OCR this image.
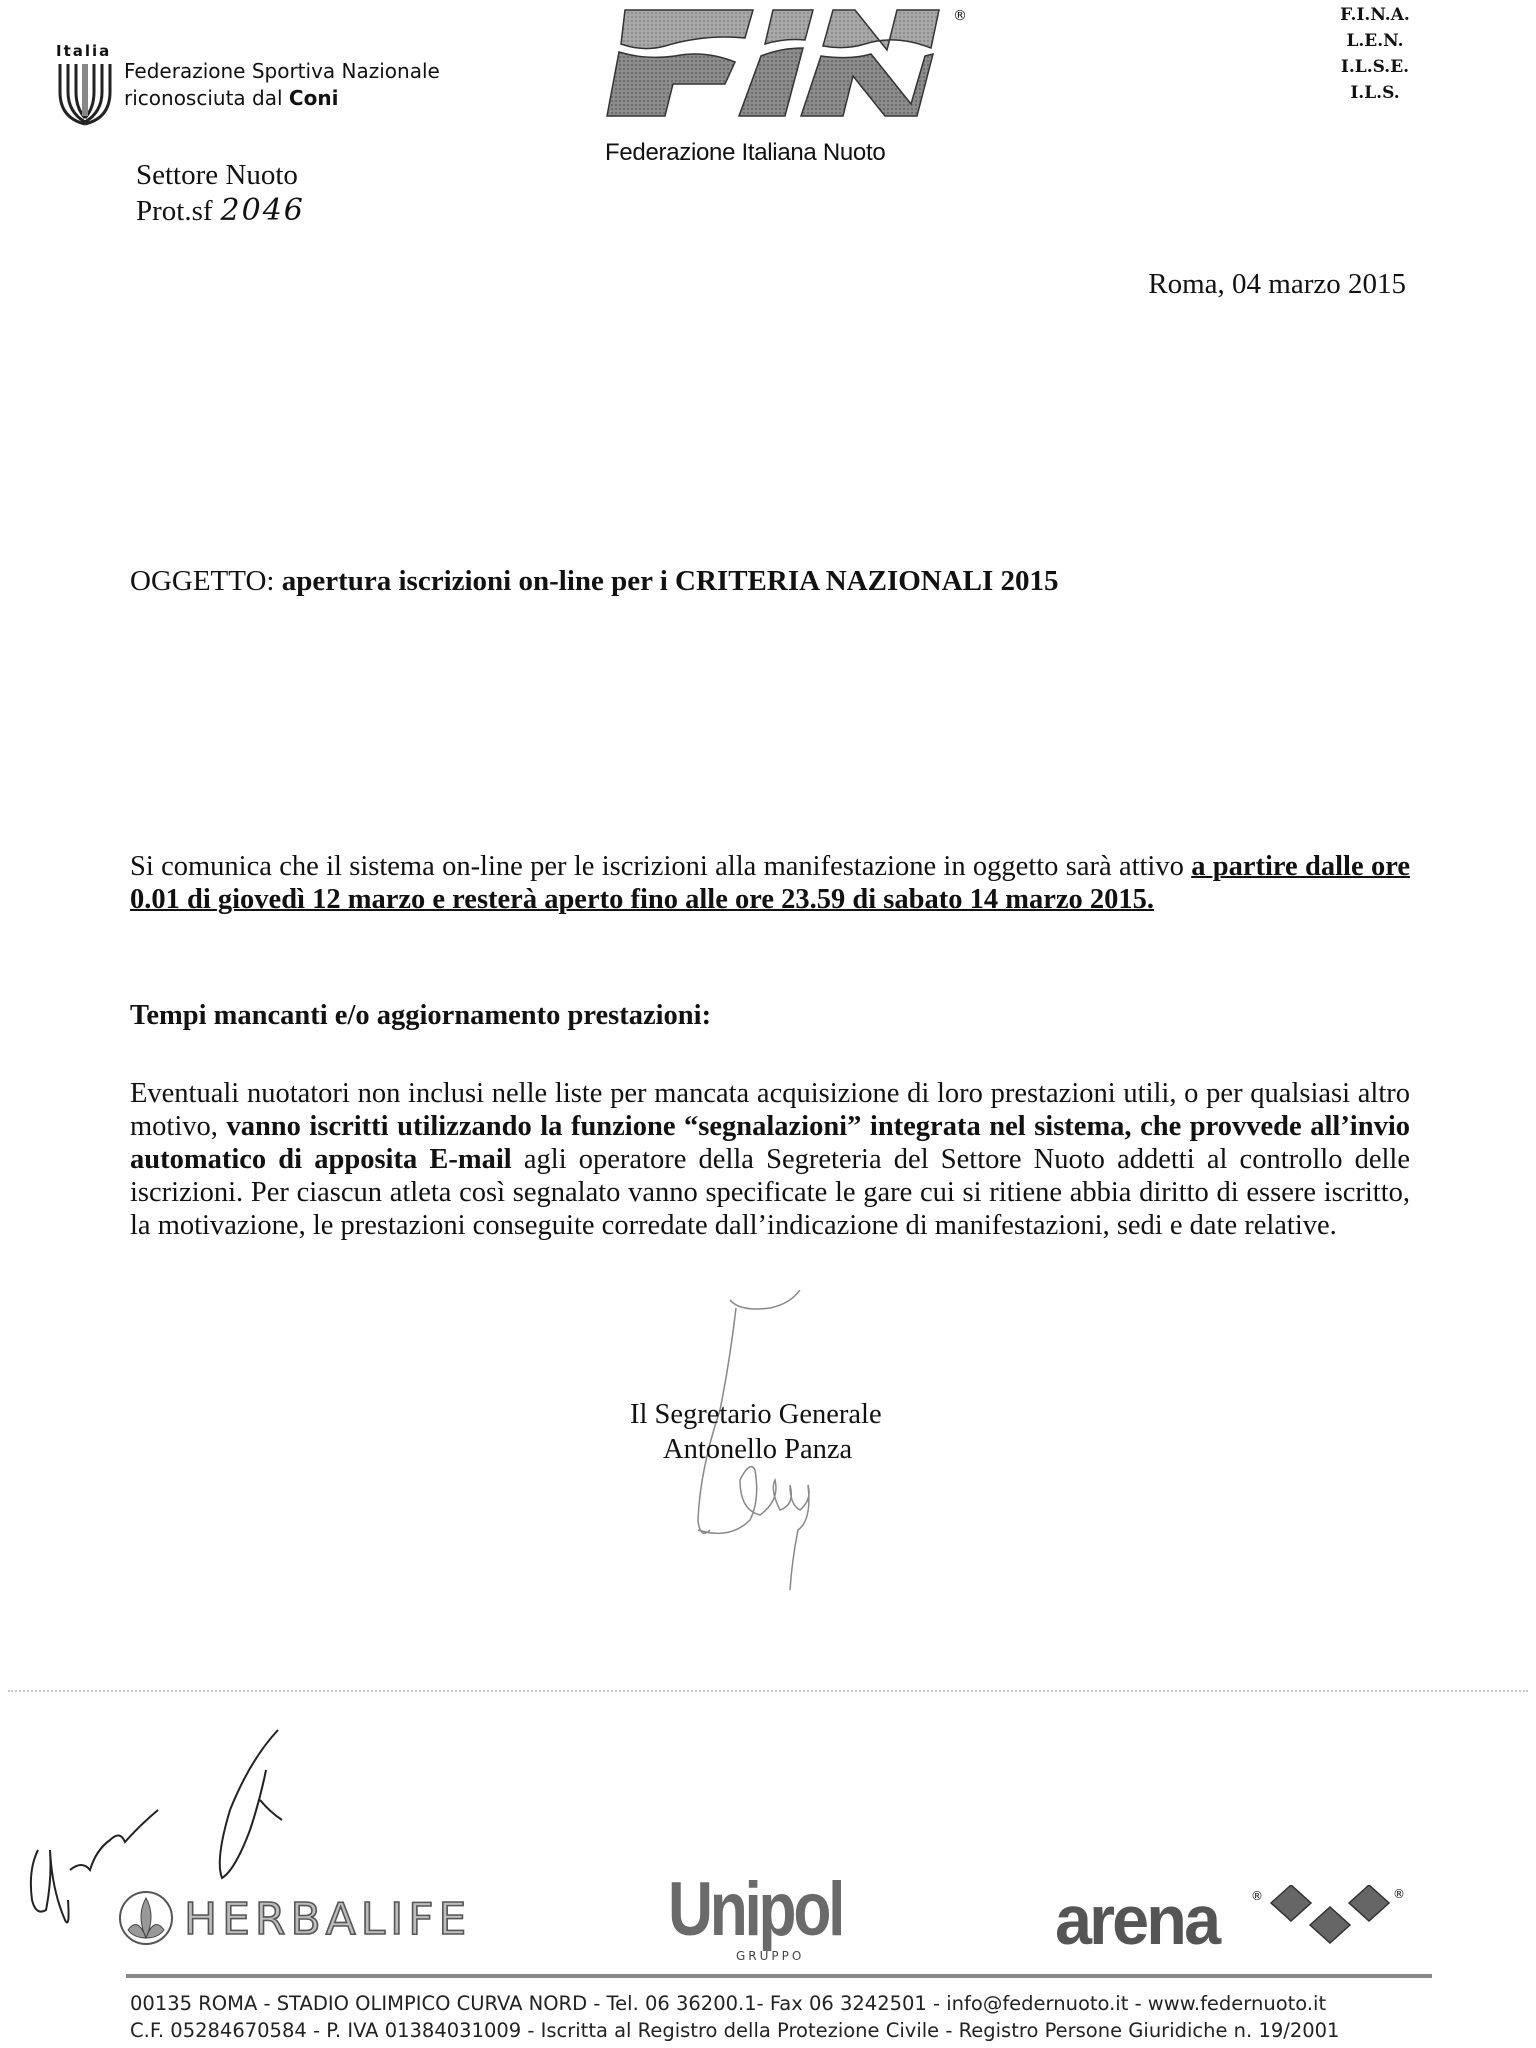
Italia
Federazione Sportiva Nazionale
riconosciuta dal Coni
®
Federazione Italiana Nuoto
F.I.N.A.
L.E.N.
I.L.S.E.
I.L.S.
Settore Nuoto
Prot.sf 2046
Roma, 04 marzo 2015
OGGETTO: apertura iscrizioni on-line per i CRITERIA NAZIONALI 2015
Si comunica che il sistema on-line per le iscrizioni alla manifestazione in oggetto sarà attivo a partire dalle ore 0.01 di giovedì 12 marzo e resterà aperto fino alle ore 23.59 di sabato 14 marzo 2015.
Tempi mancanti e/o aggiornamento prestazioni:
Eventuali nuotatori non inclusi nelle liste per mancata acquisizione di loro prestazioni utili, o per qualsiasi altro motivo, vanno iscritti utilizzando la funzione “segnalazioni” integrata nel sistema, che provvede all’invio automatico di apposita E-mail agli operatore della Segreteria del Settore Nuoto addetti al controllo delle iscrizioni. Per ciascun atleta così segnalato vanno specificate le gare cui si ritiene abbia diritto di essere iscritto, la motivazione, le prestazioni conseguite corredate dall’indicazione di manifestazioni, sedi e date relative.
Il Segretario Generale
Antonello Panza
HERBALIFE	Unipol
GRUPPO	arena	®	®
00135 ROMA - STADIO OLIMPICO CURVA NORD - Tel. 06 36200.1- Fax 06 3242501 - info@federnuoto.it - www.federnuoto.it
C.F. 05284670584 - P. IVA 01384031009 - Iscritta al Registro della Protezione Civile - Registro Persone Giuridiche n. 19/2001
